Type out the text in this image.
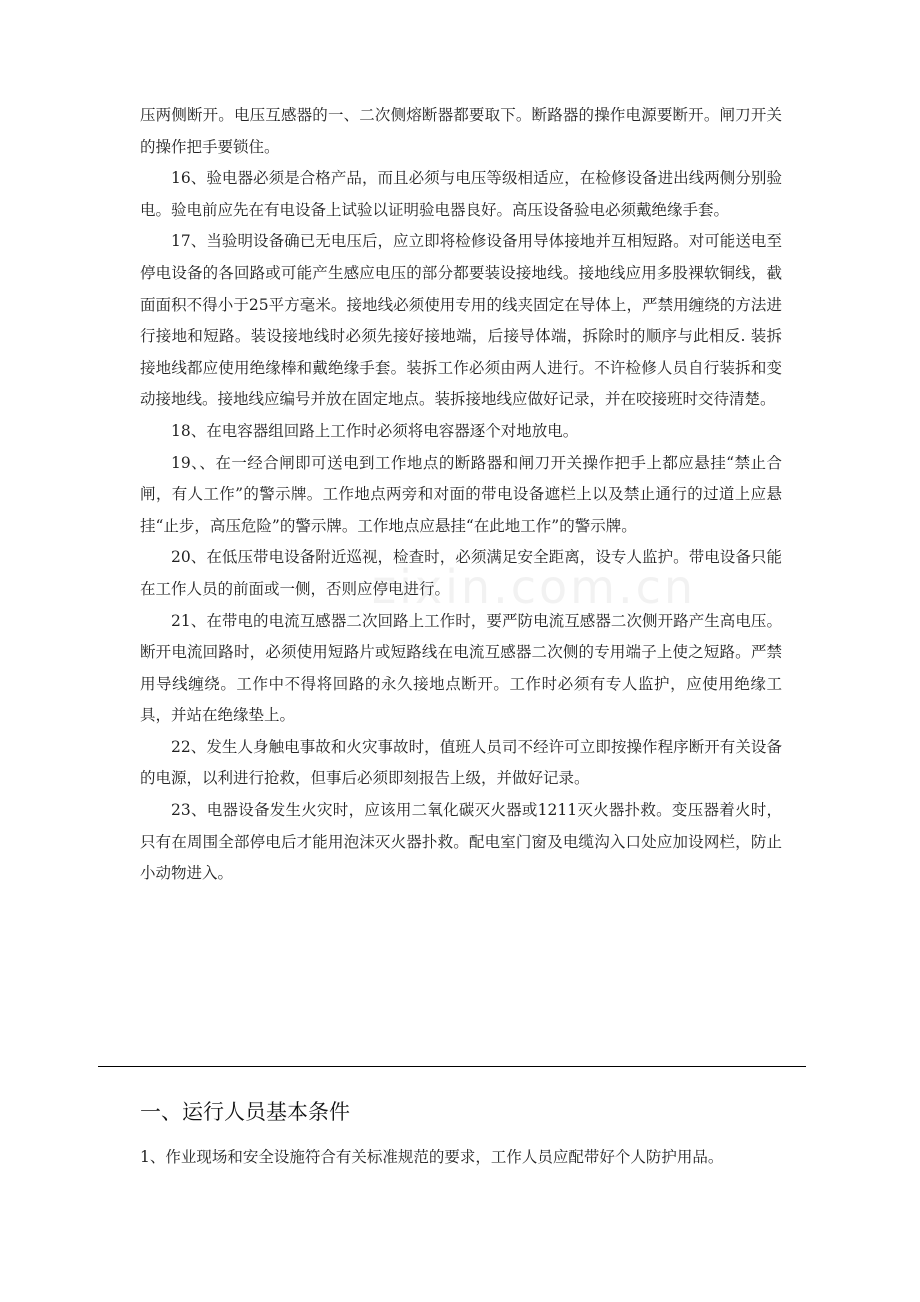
压两侧断开。电压互感器的一、二次侧熔断器都要取下。断路器的操作电源要断开。闸刀开关的操作把手要锁住。

16、验电器必须是合格产品，而且必须与电压等级相适应，在检修设备进出线两侧分别验电。验电前应先在有电设备上试验以证明验电器良好。高压设备验电必须戴绝缘手套。

17、当验明设备确已无电压后，应立即将检修设备用导体接地并互相短路。对可能送电至停电设备的各回路或可能产生感应电压的部分都要装设接地线。接地线应用多股裸软铜线，截面面积不得小于25平方毫米。接地线必须使用专用的线夹固定在导体上，严禁用缠绕的方法进行接地和短路。装设接地线时必须先接好接地端，后接导体端，拆除时的顺序与此相反. 装拆接地线都应使用绝缘棒和戴绝缘手套。装拆工作必须由两人进行。不许检修人员自行装拆和变动接地线。接地线应编号并放在固定地点。装拆接地线应做好记录，并在咬接班时交待清楚。

18、在电容器组回路上工作时必须将电容器逐个对地放电。

19、、在一经合闸即可送电到工作地点的断路器和闸刀开关操作把手上都应悬挂“禁止合闸，有人工作”的警示牌。工作地点两旁和对面的带电设备遮栏上以及禁止通行的过道上应悬挂“止步，高压危险”的警示牌。工作地点应悬挂“在此地工作”的警示牌。

20、在低压带电设备附近巡视，检查时，必须满足安全距离，设专人监护。带电设备只能在工作人员的前面或一侧，否则应停电进行。

21、在带电的电流互感器二次回路上工作时，要严防电流互感器二次侧开路产生高电压。断开电流回路时，必须使用短路片或短路线在电流互感器二次侧的专用端子上使之短路。严禁用导线缠绕。工作中不得将回路的永久接地点断开。工作时必须有专人监护，应使用绝缘工具，并站在绝缘垫上。

22、发生人身触电事故和火灾事故时，值班人员司不经许可立即按操作程序断开有关设备的电源，以利进行抢救，但事后必须即刻报告上级，并做好记录。

23、电器设备发生火灾时，应该用二氧化碳灭火器或1211灭火器扑救。变压器着火时，只有在周围全部停电后才能用泡沫灭火器扑救。配电室门窗及电缆沟入口处应加设网栏，防止小动物进入。

zixin.com.cn
一、运行人员基本条件

1、作业现场和安全设施符合有关标准规范的要求，工作人员应配带好个人防护用品。
